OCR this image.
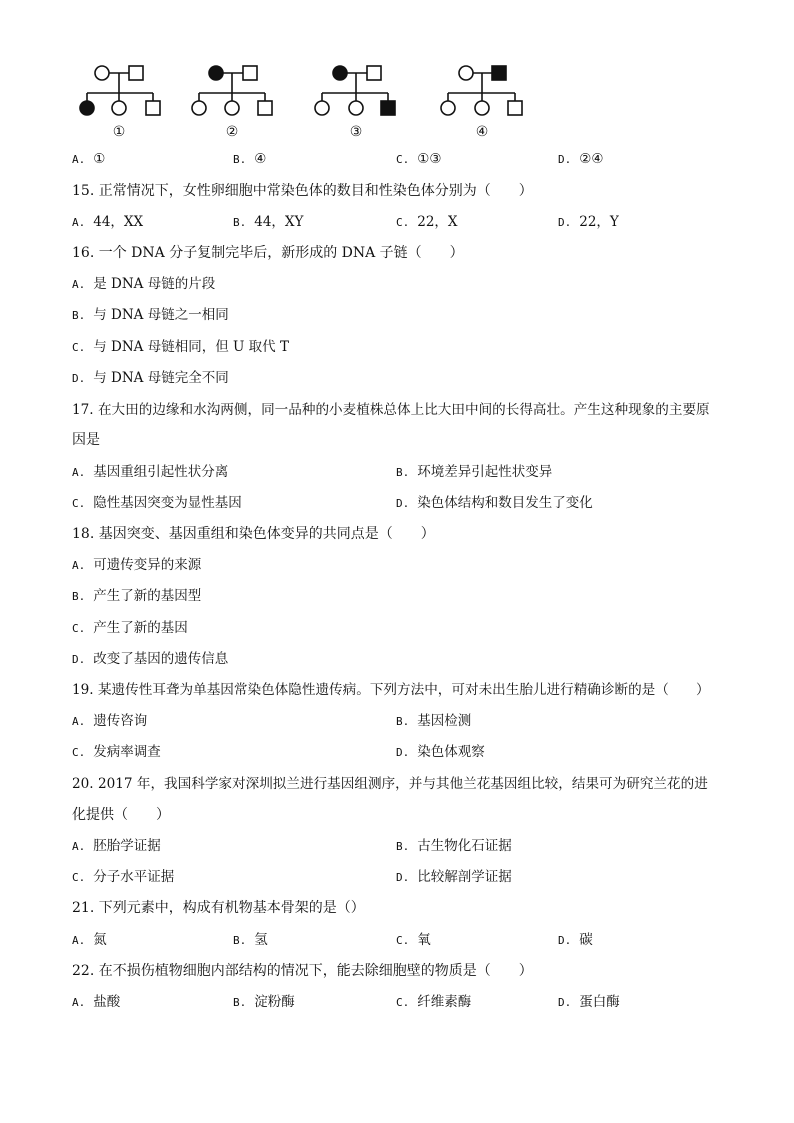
①	②	③	④
A. ①	B. ④	C. ①③	D. ②④
15. 正常情况下，女性卵细胞中常染色体的数目和性染色体分别为（　　）
A. 44，XX	B. 44，XY	C. 22，X	D. 22，Y
16. 一个 DNA 分子复制完毕后，新形成的 DNA 子链（　　）
A. 是 DNA 母链的片段
B. 与 DNA 母链之一相同
C. 与 DNA 母链相同，但 U 取代 T
D. 与 DNA 母链完全不同
17. 在大田的边缘和水沟两侧，同一品种的小麦植株总体上比大田中间的长得高壮。产生这种现象的主要原
因是
A. 基因重组引起性状分离	B. 环境差异引起性状变异
C. 隐性基因突变为显性基因	D. 染色体结构和数目发生了变化
18. 基因突变、基因重组和染色体变异的共同点是（　　）
A. 可遗传变异的来源
B. 产生了新的基因型
C. 产生了新的基因
D. 改变了基因的遗传信息
19. 某遗传性耳聋为单基因常染色体隐性遗传病。下列方法中，可对未出生胎儿进行精确诊断的是（　　）
A. 遗传咨询	B. 基因检测
C. 发病率调查	D. 染色体观察
20. 2017 年，我国科学家对深圳拟兰进行基因组测序，并与其他兰花基因组比较，结果可为研究兰花的进
化提供（　　）
A. 胚胎学证据	B. 古生物化石证据
C. 分子水平证据	D. 比较解剖学证据
21. 下列元素中，构成有机物基本骨架的是（）
A. 氮	B. 氢	C. 氧	D. 碳
22. 在不损伤植物细胞内部结构的情况下，能去除细胞壁的物质是（　　）
A. 盐酸	B. 淀粉酶	C. 纤维素酶	D. 蛋白酶
